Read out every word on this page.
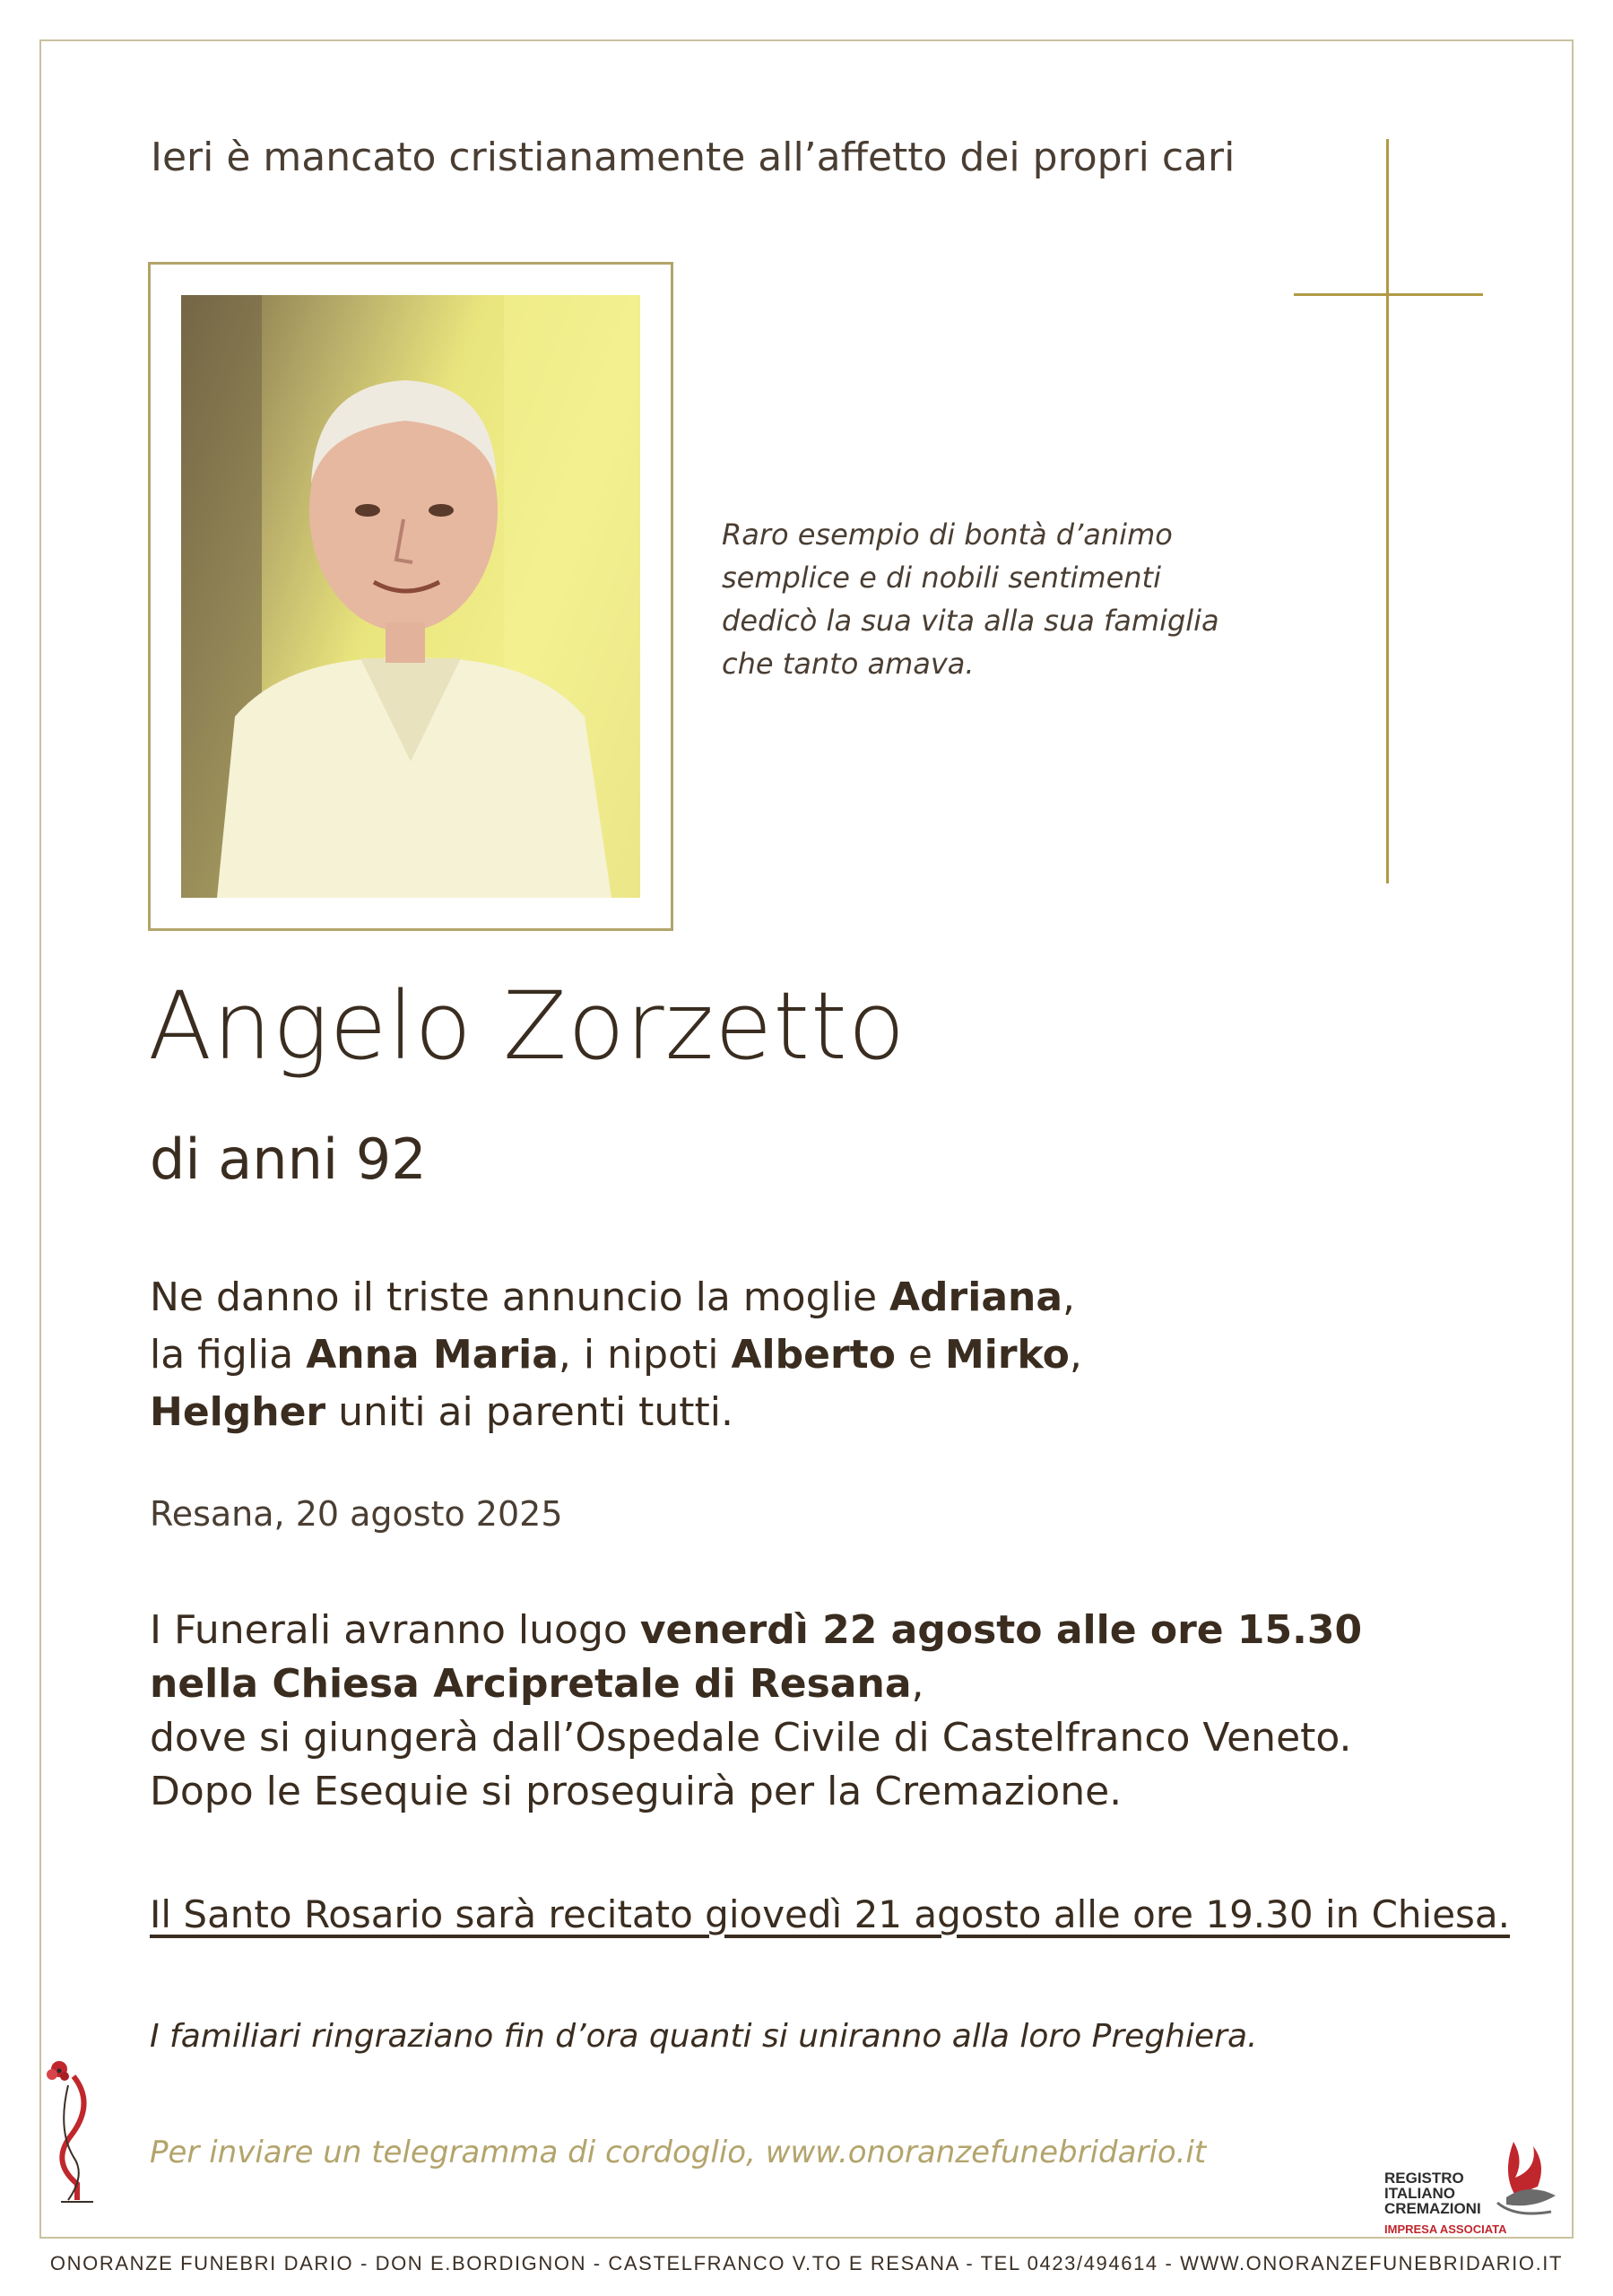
Ieri è mancato cristianamente all’affetto dei propri cari
Raro esempio di bontà d’animo
semplice e di nobili sentimenti
dedicò la sua vita alla sua famiglia
che tanto amava.
Angelo Zorzetto
di anni 92
Ne danno il triste annuncio la moglie Adriana,
la figlia Anna Maria, i nipoti Alberto e Mirko,
Helgher uniti ai parenti tutti.
Resana, 20 agosto 2025
I Funerali avranno luogo venerdì 22 agosto alle ore 15.30
nella Chiesa Arcipretale di Resana,
dove si giungerà dall’Ospedale Civile di Castelfranco Veneto.
Dopo le Esequie si proseguirà per la Cremazione.
Il Santo Rosario sarà recitato giovedì 21 agosto alle ore 19.30 in Chiesa.
I familiari ringraziano fin d’ora quanti si uniranno alla loro Preghiera.
Per inviare un telegramma di cordoglio, www.onoranzefunebridario.it
REGISTRO
ITALIANO
CREMAZIONI
IMPRESA ASSOCIATA
ONORANZE FUNEBRI DARIO - DON E.BORDIGNON - CASTELFRANCO V.TO E RESANA - TEL 0423/494614 - WWW.ONORANZEFUNEBRIDARIO.IT
